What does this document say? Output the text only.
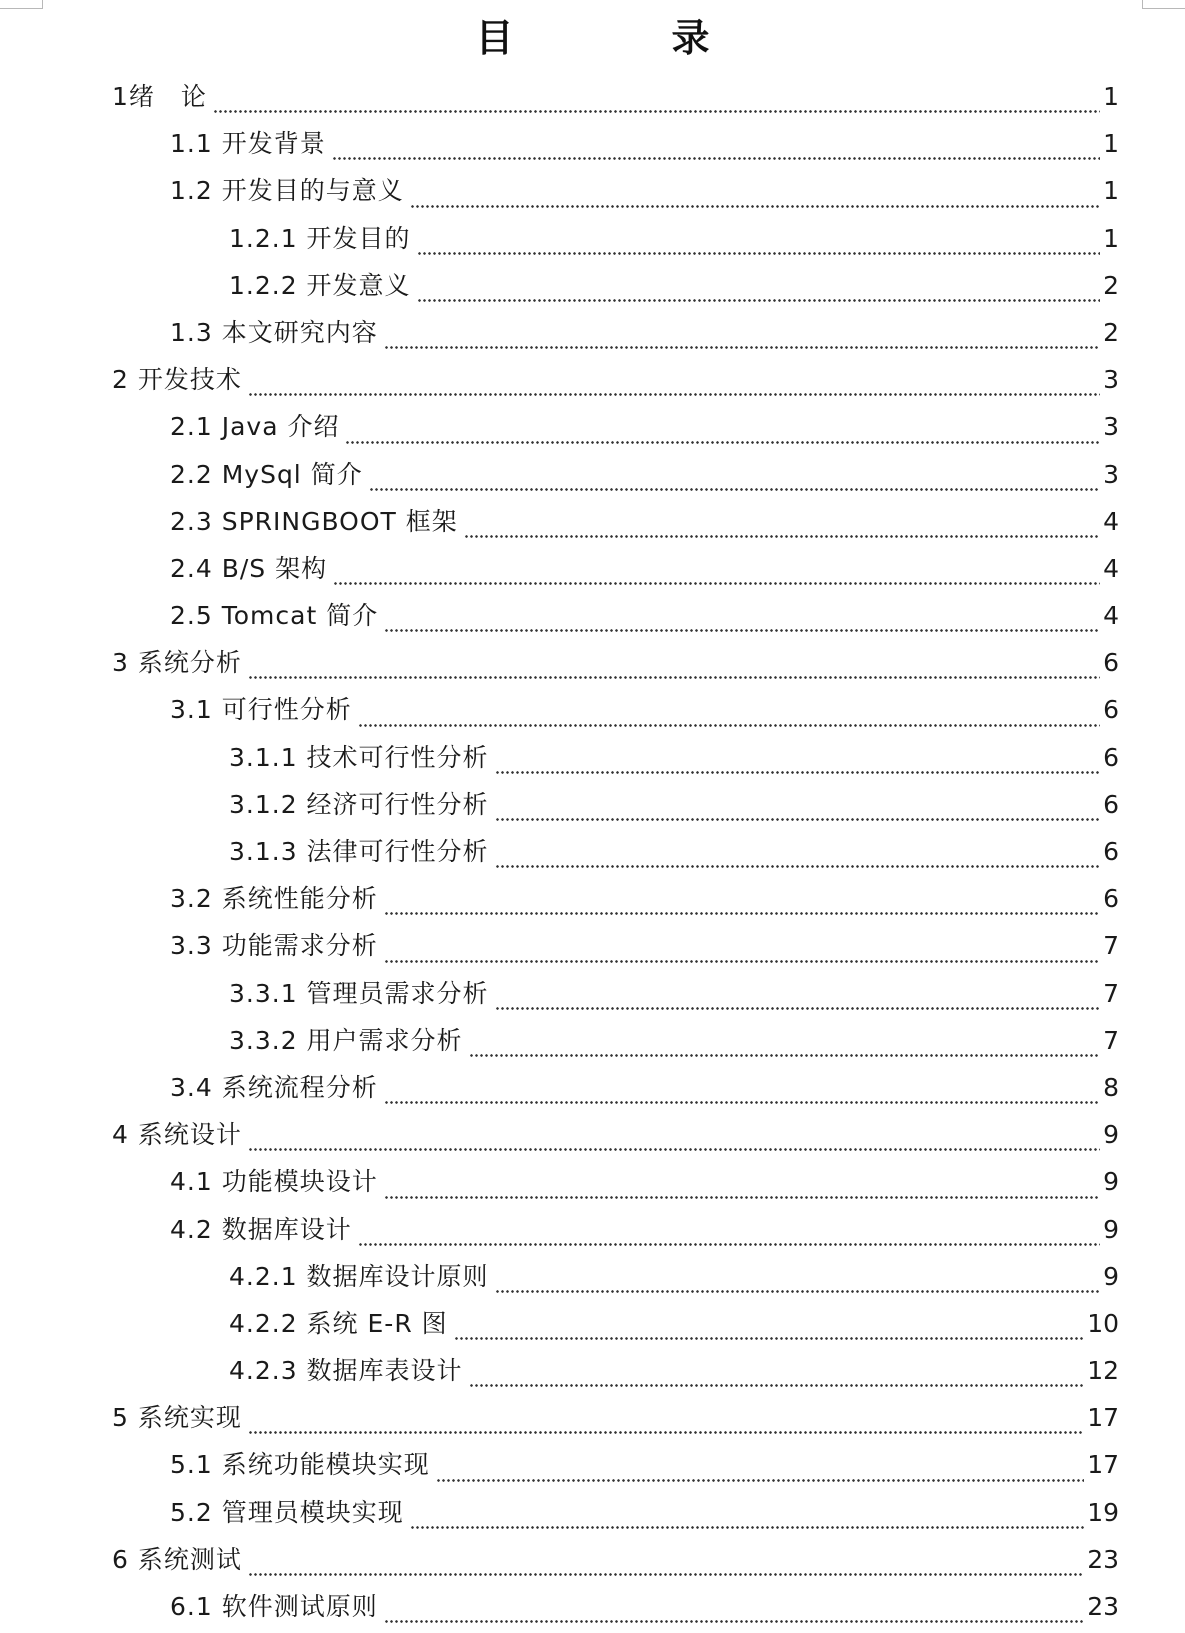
目　录
1绪　论	1
1.1 开发背景	1
1.2 开发目的与意义	1
1.2.1 开发目的	1
1.2.2 开发意义	2
1.3 本文研究内容	2
2 开发技术	3
2.1 Java 介绍	3
2.2 MySql 简介	3
2.3 SPRINGBOOT 框架	4
2.4 B/S 架构	4
2.5 Tomcat 简介	4
3 系统分析	6
3.1 可行性分析	6
3.1.1 技术可行性分析	6
3.1.2 经济可行性分析	6
3.1.3 法律可行性分析	6
3.2 系统性能分析	6
3.3 功能需求分析	7
3.3.1 管理员需求分析	7
3.3.2 用户需求分析	7
3.4 系统流程分析	8
4 系统设计	9
4.1 功能模块设计	9
4.2 数据库设计	9
4.2.1 数据库设计原则	9
4.2.2 系统 E-R 图	10
4.2.3 数据库表设计	12
5 系统实现	17
5.1 系统功能模块实现	17
5.2 管理员模块实现	19
6 系统测试	23
6.1 软件测试原则	23
